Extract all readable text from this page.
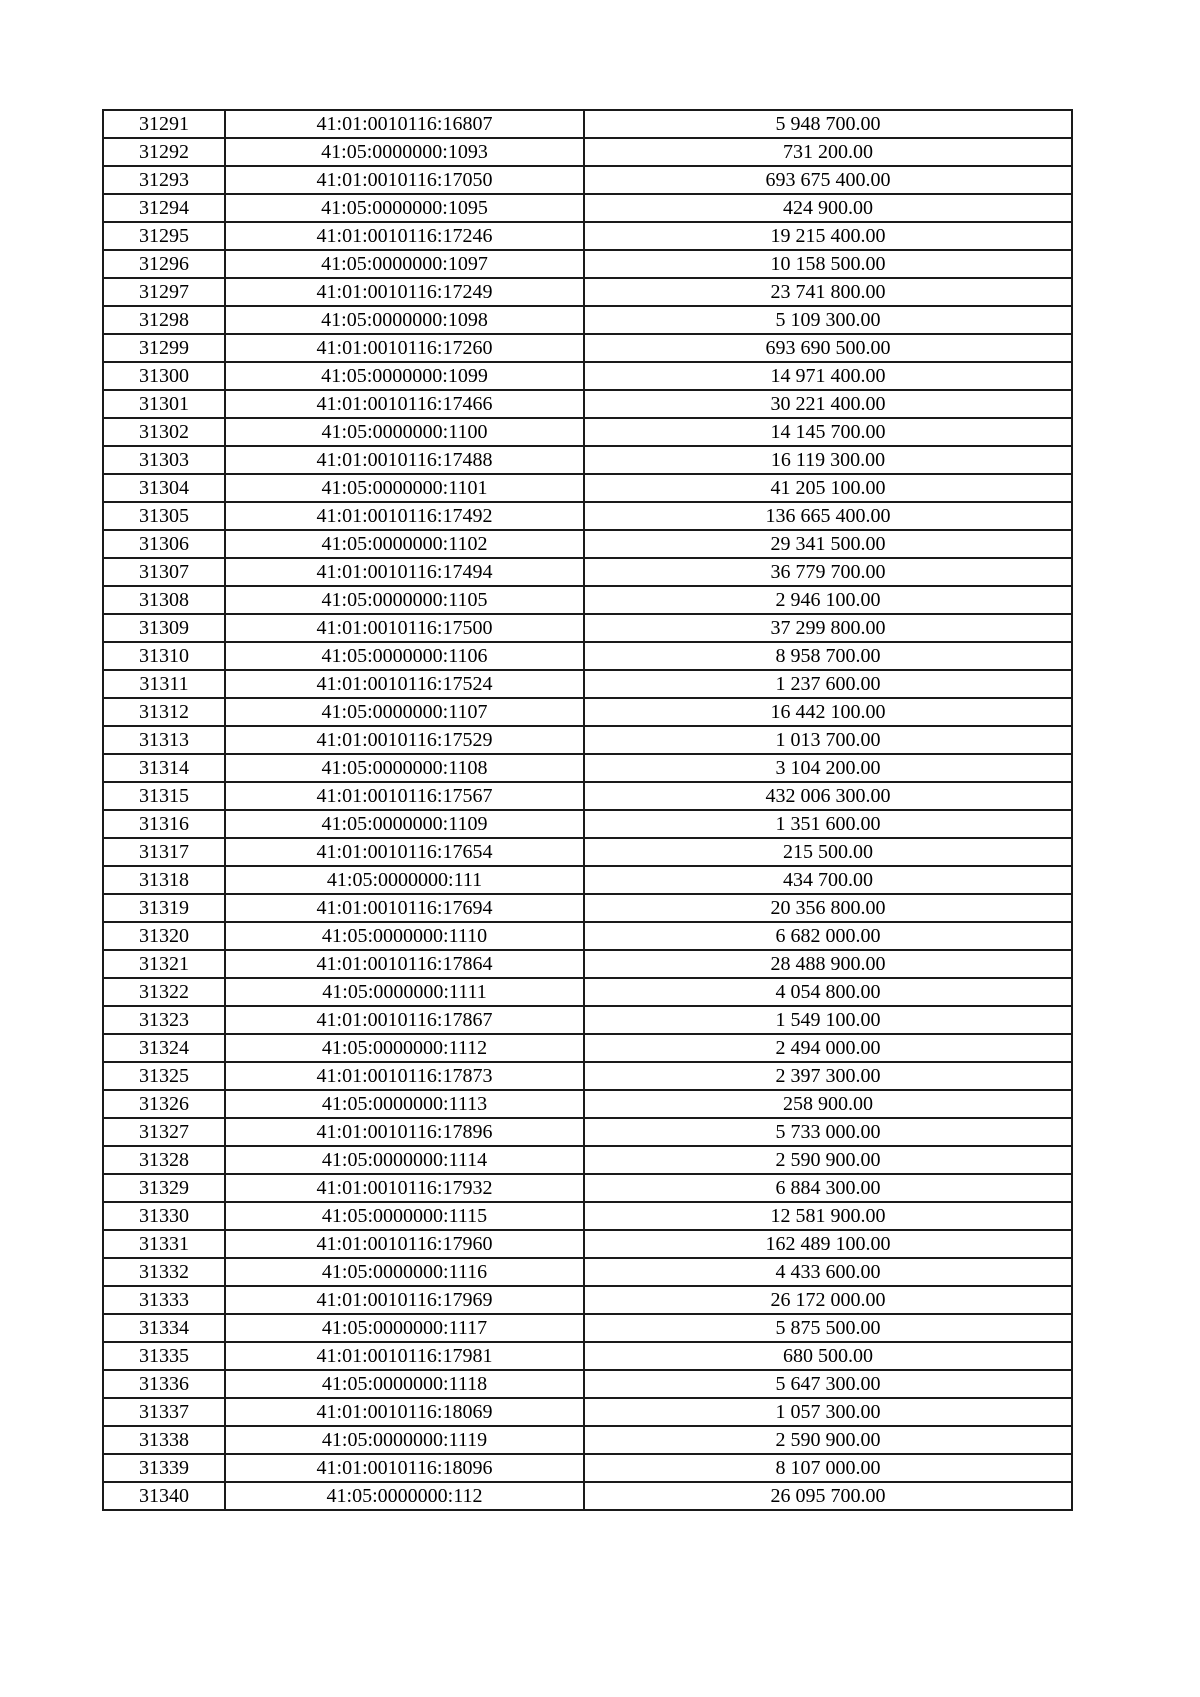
31291	41:01:0010116:16807	5 948 700.00
31292	41:05:0000000:1093	731 200.00
31293	41:01:0010116:17050	693 675 400.00
31294	41:05:0000000:1095	424 900.00
31295	41:01:0010116:17246	19 215 400.00
31296	41:05:0000000:1097	10 158 500.00
31297	41:01:0010116:17249	23 741 800.00
31298	41:05:0000000:1098	5 109 300.00
31299	41:01:0010116:17260	693 690 500.00
31300	41:05:0000000:1099	14 971 400.00
31301	41:01:0010116:17466	30 221 400.00
31302	41:05:0000000:1100	14 145 700.00
31303	41:01:0010116:17488	16 119 300.00
31304	41:05:0000000:1101	41 205 100.00
31305	41:01:0010116:17492	136 665 400.00
31306	41:05:0000000:1102	29 341 500.00
31307	41:01:0010116:17494	36 779 700.00
31308	41:05:0000000:1105	2 946 100.00
31309	41:01:0010116:17500	37 299 800.00
31310	41:05:0000000:1106	8 958 700.00
31311	41:01:0010116:17524	1 237 600.00
31312	41:05:0000000:1107	16 442 100.00
31313	41:01:0010116:17529	1 013 700.00
31314	41:05:0000000:1108	3 104 200.00
31315	41:01:0010116:17567	432 006 300.00
31316	41:05:0000000:1109	1 351 600.00
31317	41:01:0010116:17654	215 500.00
31318	41:05:0000000:111	434 700.00
31319	41:01:0010116:17694	20 356 800.00
31320	41:05:0000000:1110	6 682 000.00
31321	41:01:0010116:17864	28 488 900.00
31322	41:05:0000000:1111	4 054 800.00
31323	41:01:0010116:17867	1 549 100.00
31324	41:05:0000000:1112	2 494 000.00
31325	41:01:0010116:17873	2 397 300.00
31326	41:05:0000000:1113	258 900.00
31327	41:01:0010116:17896	5 733 000.00
31328	41:05:0000000:1114	2 590 900.00
31329	41:01:0010116:17932	6 884 300.00
31330	41:05:0000000:1115	12 581 900.00
31331	41:01:0010116:17960	162 489 100.00
31332	41:05:0000000:1116	4 433 600.00
31333	41:01:0010116:17969	26 172 000.00
31334	41:05:0000000:1117	5 875 500.00
31335	41:01:0010116:17981	680 500.00
31336	41:05:0000000:1118	5 647 300.00
31337	41:01:0010116:18069	1 057 300.00
31338	41:05:0000000:1119	2 590 900.00
31339	41:01:0010116:18096	8 107 000.00
31340	41:05:0000000:112	26 095 700.00
